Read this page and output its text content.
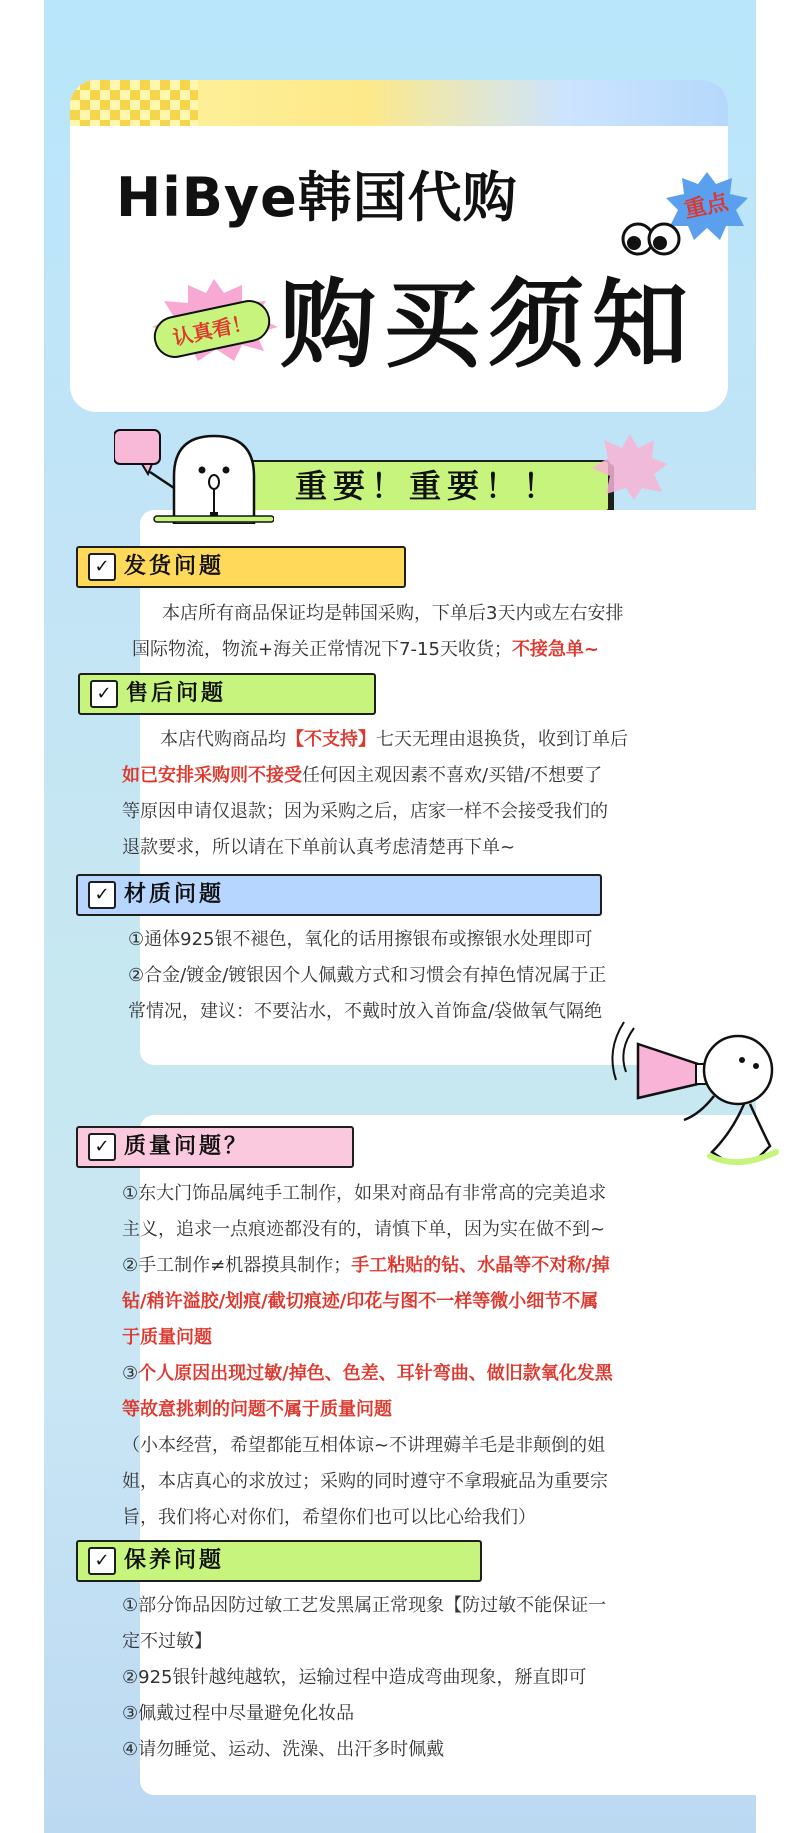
HiBye韩国代购
购买须知
重点
认真看！
重要！重要！！
✓ 发货问题
本店所有商品保证均是韩国采购，下单后3天内或左右安排
国际物流，物流+海关正常情况下7-15天收货；不接急单~
✓ 售后问题
本店代购商品均【不支持】七天无理由退换货，收到订单后
如已安排采购则不接受任何因主观因素不喜欢/买错/不想要了
等原因申请仅退款；因为采购之后，店家一样不会接受我们的
退款要求，所以请在下单前认真考虑清楚再下单~
✓ 材质问题
①通体925银不褪色，氧化的话用擦银布或擦银水处理即可
②合金/镀金/镀银因个人佩戴方式和习惯会有掉色情况属于正
常情况，建议：不要沾水，不戴时放入首饰盒/袋做氧气隔绝
✓ 质量问题？
①东大门饰品属纯手工制作，如果对商品有非常高的完美追求
主义，追求一点痕迹都没有的，请慎下单，因为实在做不到~
②手工制作≠机器摸具制作；手工粘贴的钻、水晶等不对称/掉
钻/稍许溢胶/划痕/截切痕迹/印花与图不一样等微小细节不属
于质量问题
③个人原因出现过敏/掉色、色差、耳针弯曲、做旧款氧化发黑
等故意挑刺的问题不属于质量问题
（小本经营，希望都能互相体谅~不讲理薅羊毛是非颠倒的姐
姐，本店真心的求放过；采购的同时遵守不拿瑕疵品为重要宗
旨，我们将心对你们，希望你们也可以比心给我们）
✓ 保养问题
①部分饰品因防过敏工艺发黑属正常现象【防过敏不能保证一
定不过敏】
②925银针越纯越软，运输过程中造成弯曲现象，掰直即可
③佩戴过程中尽量避免化妆品
④请勿睡觉、运动、洗澡、出汗多时佩戴
